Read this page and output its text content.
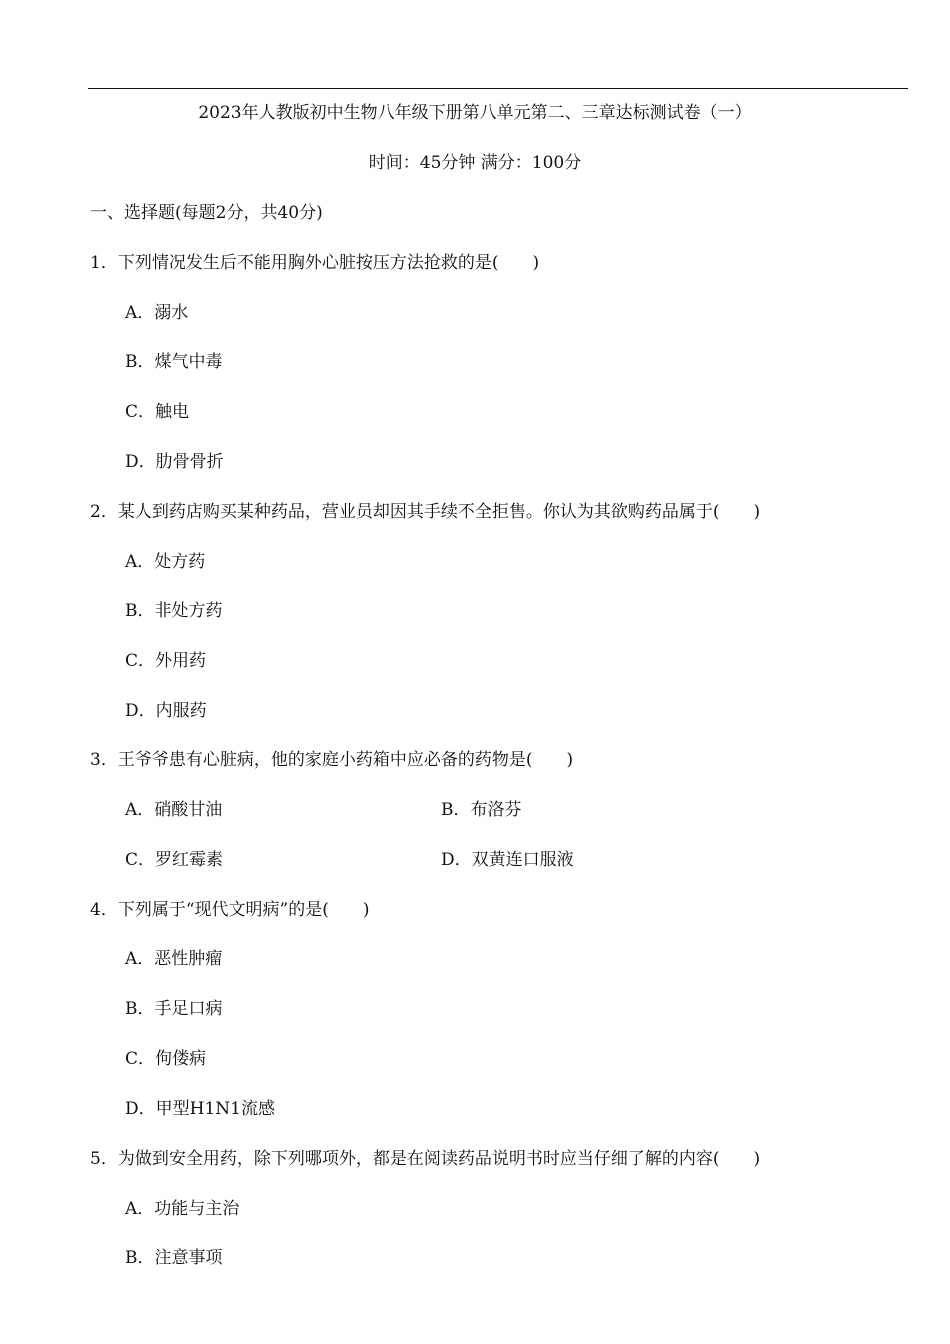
2023年人教版初中生物八年级下册第八单元第二、三章达标测试卷（一）
时间：45分钟 满分：100分
一、选择题(每题2分，共40分)
1．下列情况发生后不能用胸外心脏按压方法抢救的是(　　)
A．溺水
B．煤气中毒
C．触电
D．肋骨骨折
2．某人到药店购买某种药品，营业员却因其手续不全拒售。你认为其欲购药品属于(　　)
A．处方药
B．非处方药
C．外用药
D．内服药
3．王爷爷患有心脏病，他的家庭小药箱中应必备的药物是(　　)
A．硝酸甘油	B．布洛芬
C．罗红霉素	D．双黄连口服液
4．下列属于“现代文明病”的是(　　)
A．恶性肿瘤
B．手足口病
C．佝偻病
D．甲型H1N1流感
5．为做到安全用药，除下列哪项外，都是在阅读药品说明书时应当仔细了解的内容(　　)
A．功能与主治
B．注意事项
